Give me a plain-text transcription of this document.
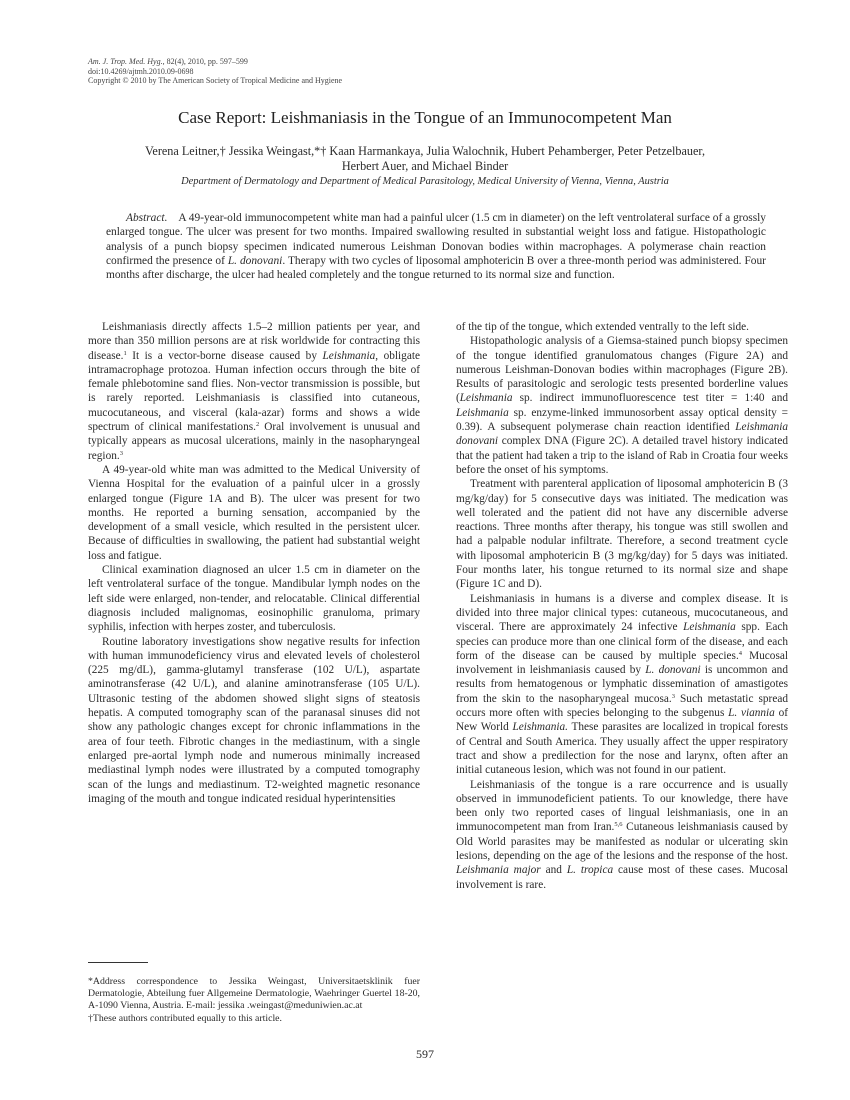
Am. J. Trop. Med. Hyg., 82(4), 2010, pp. 597–599
doi:10.4269/ajtmh.2010.09-0698
Copyright © 2010 by The American Society of Tropical Medicine and Hygiene
Case Report: Leishmaniasis in the Tongue of an Immunocompetent Man
Verena Leitner,† Jessika Weingast,*† Kaan Harmankaya, Julia Walochnik, Hubert Pehamberger, Peter Petzelbauer,
Herbert Auer, and Michael Binder
Department of Dermatology and Department of Medical Parasitology, Medical University of Vienna, Vienna, Austria
Abstract. A 49-year-old immunocompetent white man had a painful ulcer (1.5 cm in diameter) on the left ventrolateral surface of a grossly enlarged tongue. The ulcer was present for two months. Impaired swallowing resulted in substantial weight loss and fatigue. Histopathologic analysis of a punch biopsy specimen indicated numerous Leishman Donovan bodies within macrophages. A polymerase chain reaction confirmed the presence of L. donovani. Therapy with two cycles of liposomal amphotericin B over a three-month period was administered. Four months after discharge, the ulcer had healed completely and the tongue returned to its normal size and function.

Leishmaniasis directly affects 1.5–2 million patients per year, and more than 350 million persons are at risk worldwide for contracting this disease.$^1$ It is a vector-borne disease caused by Leishmania, obligate intramacrophage protozoa. Human infection occurs through the bite of female phlebotomine sand flies. Non-vector transmission is possible, but is rarely reported. Leishmaniasis is classified into cutaneous, mucocutaneous, and visceral (kala-azar) forms and shows a wide spectrum of clinical manifestations.$^2$ Oral involvement is unusual and typically appears as mucosal ulcerations, mainly in the nasopharyngeal region.$^3$

A 49-year-old white man was admitted to the Medical University of Vienna Hospital for the evaluation of a painful ulcer in a grossly enlarged tongue (Figure 1A and B). The ulcer was present for two months. He reported a burning sensation, accompanied by the development of a small vesicle, which resulted in the persistent ulcer. Because of difficulties in swallowing, the patient had substantial weight loss and fatigue.

Clinical examination diagnosed an ulcer 1.5 cm in diameter on the left ventrolateral surface of the tongue. Mandibular lymph nodes on the left side were enlarged, non-tender, and relocatable. Clinical differential diagnosis included malignomas, eosinophilic granuloma, primary syphilis, infection with herpes zoster, and tuberculosis.

Routine laboratory investigations show negative results for infection with human immunodeficiency virus and elevated levels of cholesterol (225 mg/dL), gamma-glutamyl transferase (102 U/L), aspartate aminotransferase (42 U/L), and alanine aminotransferase (105 U/L). Ultrasonic testing of the abdomen showed slight signs of steatosis hepatis. A computed tomography scan of the paranasal sinuses did not show any pathologic changes except for chronic inflammations in the area of four teeth. Fibrotic changes in the mediastinum, with a single enlarged pre-aortal lymph node and numerous minimally increased mediastinal lymph nodes were illustrated by a computed tomography scan of the lungs and mediastinum. T2-weighted magnetic resonance imaging of the mouth and tongue indicated residual hyperintensities

of the tip of the tongue, which extended ventrally to the left side.

Histopathologic analysis of a Giemsa-stained punch biopsy specimen of the tongue identified granulomatous changes (Figure 2A) and numerous Leishman-Donovan bodies within macrophages (Figure 2B). Results of parasitologic and serologic tests presented borderline values (Leishmania sp. indirect immunofluorescence test titer = 1:40 and Leishmania sp. enzyme-linked immunosorbent assay optical density = 0.39). A subsequent polymerase chain reaction identified Leishmania donovani complex DNA (Figure 2C). A detailed travel history indicated that the patient had taken a trip to the island of Rab in Croatia four weeks before the onset of his symptoms.

Treatment with parenteral application of liposomal amphotericin B (3 mg/kg/day) for 5 consecutive days was initiated. The medication was well tolerated and the patient did not have any discernible adverse reactions. Three months after therapy, his tongue was still swollen and had a palpable nodular infiltrate. Therefore, a second treatment cycle with liposomal amphotericin B (3 mg/kg/day) for 5 days was initiated. Four months later, his tongue returned to its normal size and shape (Figure 1C and D).

Leishmaniasis in humans is a diverse and complex disease. It is divided into three major clinical types: cutaneous, mucocutaneous, and visceral. There are approximately 24 infective Leishmania spp. Each species can produce more than one clinical form of the disease, and each form of the disease can be caused by multiple species.$^4$ Mucosal involvement in leishmaniasis caused by L. donovani is uncommon and results from hematogenous or lymphatic dissemination of amastigotes from the skin to the nasopharyngeal mucosa.$^3$ Such metastatic spread occurs more often with species belonging to the subgenus L. viannia of New World Leishmania. These parasites are localized in tropical forests of Central and South America. They usually affect the upper respiratory tract and show a predilection for the nose and larynx, often after an initial cutaneous lesion, which was not found in our patient.

Leishmaniasis of the tongue is a rare occurrence and is usually observed in immunodeficient patients. To our knowledge, there have been only two reported cases of lingual leishmaniasis, one in an immunocompetent man from Iran.$^{5,6}$ Cutaneous leishmaniasis caused by Old World parasites may be manifested as nodular or ulcerating skin lesions, depending on the age of the lesions and the response of the host. Leishmania major and L. tropica cause most of these cases. Mucosal involvement is rare.

*Address correspondence to Jessika Weingast, Universitaetsklinik fuer Dermatologie, Abteilung fuer Allgemeine Dermatologie, Waehringer Guertel 18-20, A-1090 Vienna, Austria. E-mail: jessika .weingast@meduniwien.ac.at

†These authors contributed equally to this article.

597
